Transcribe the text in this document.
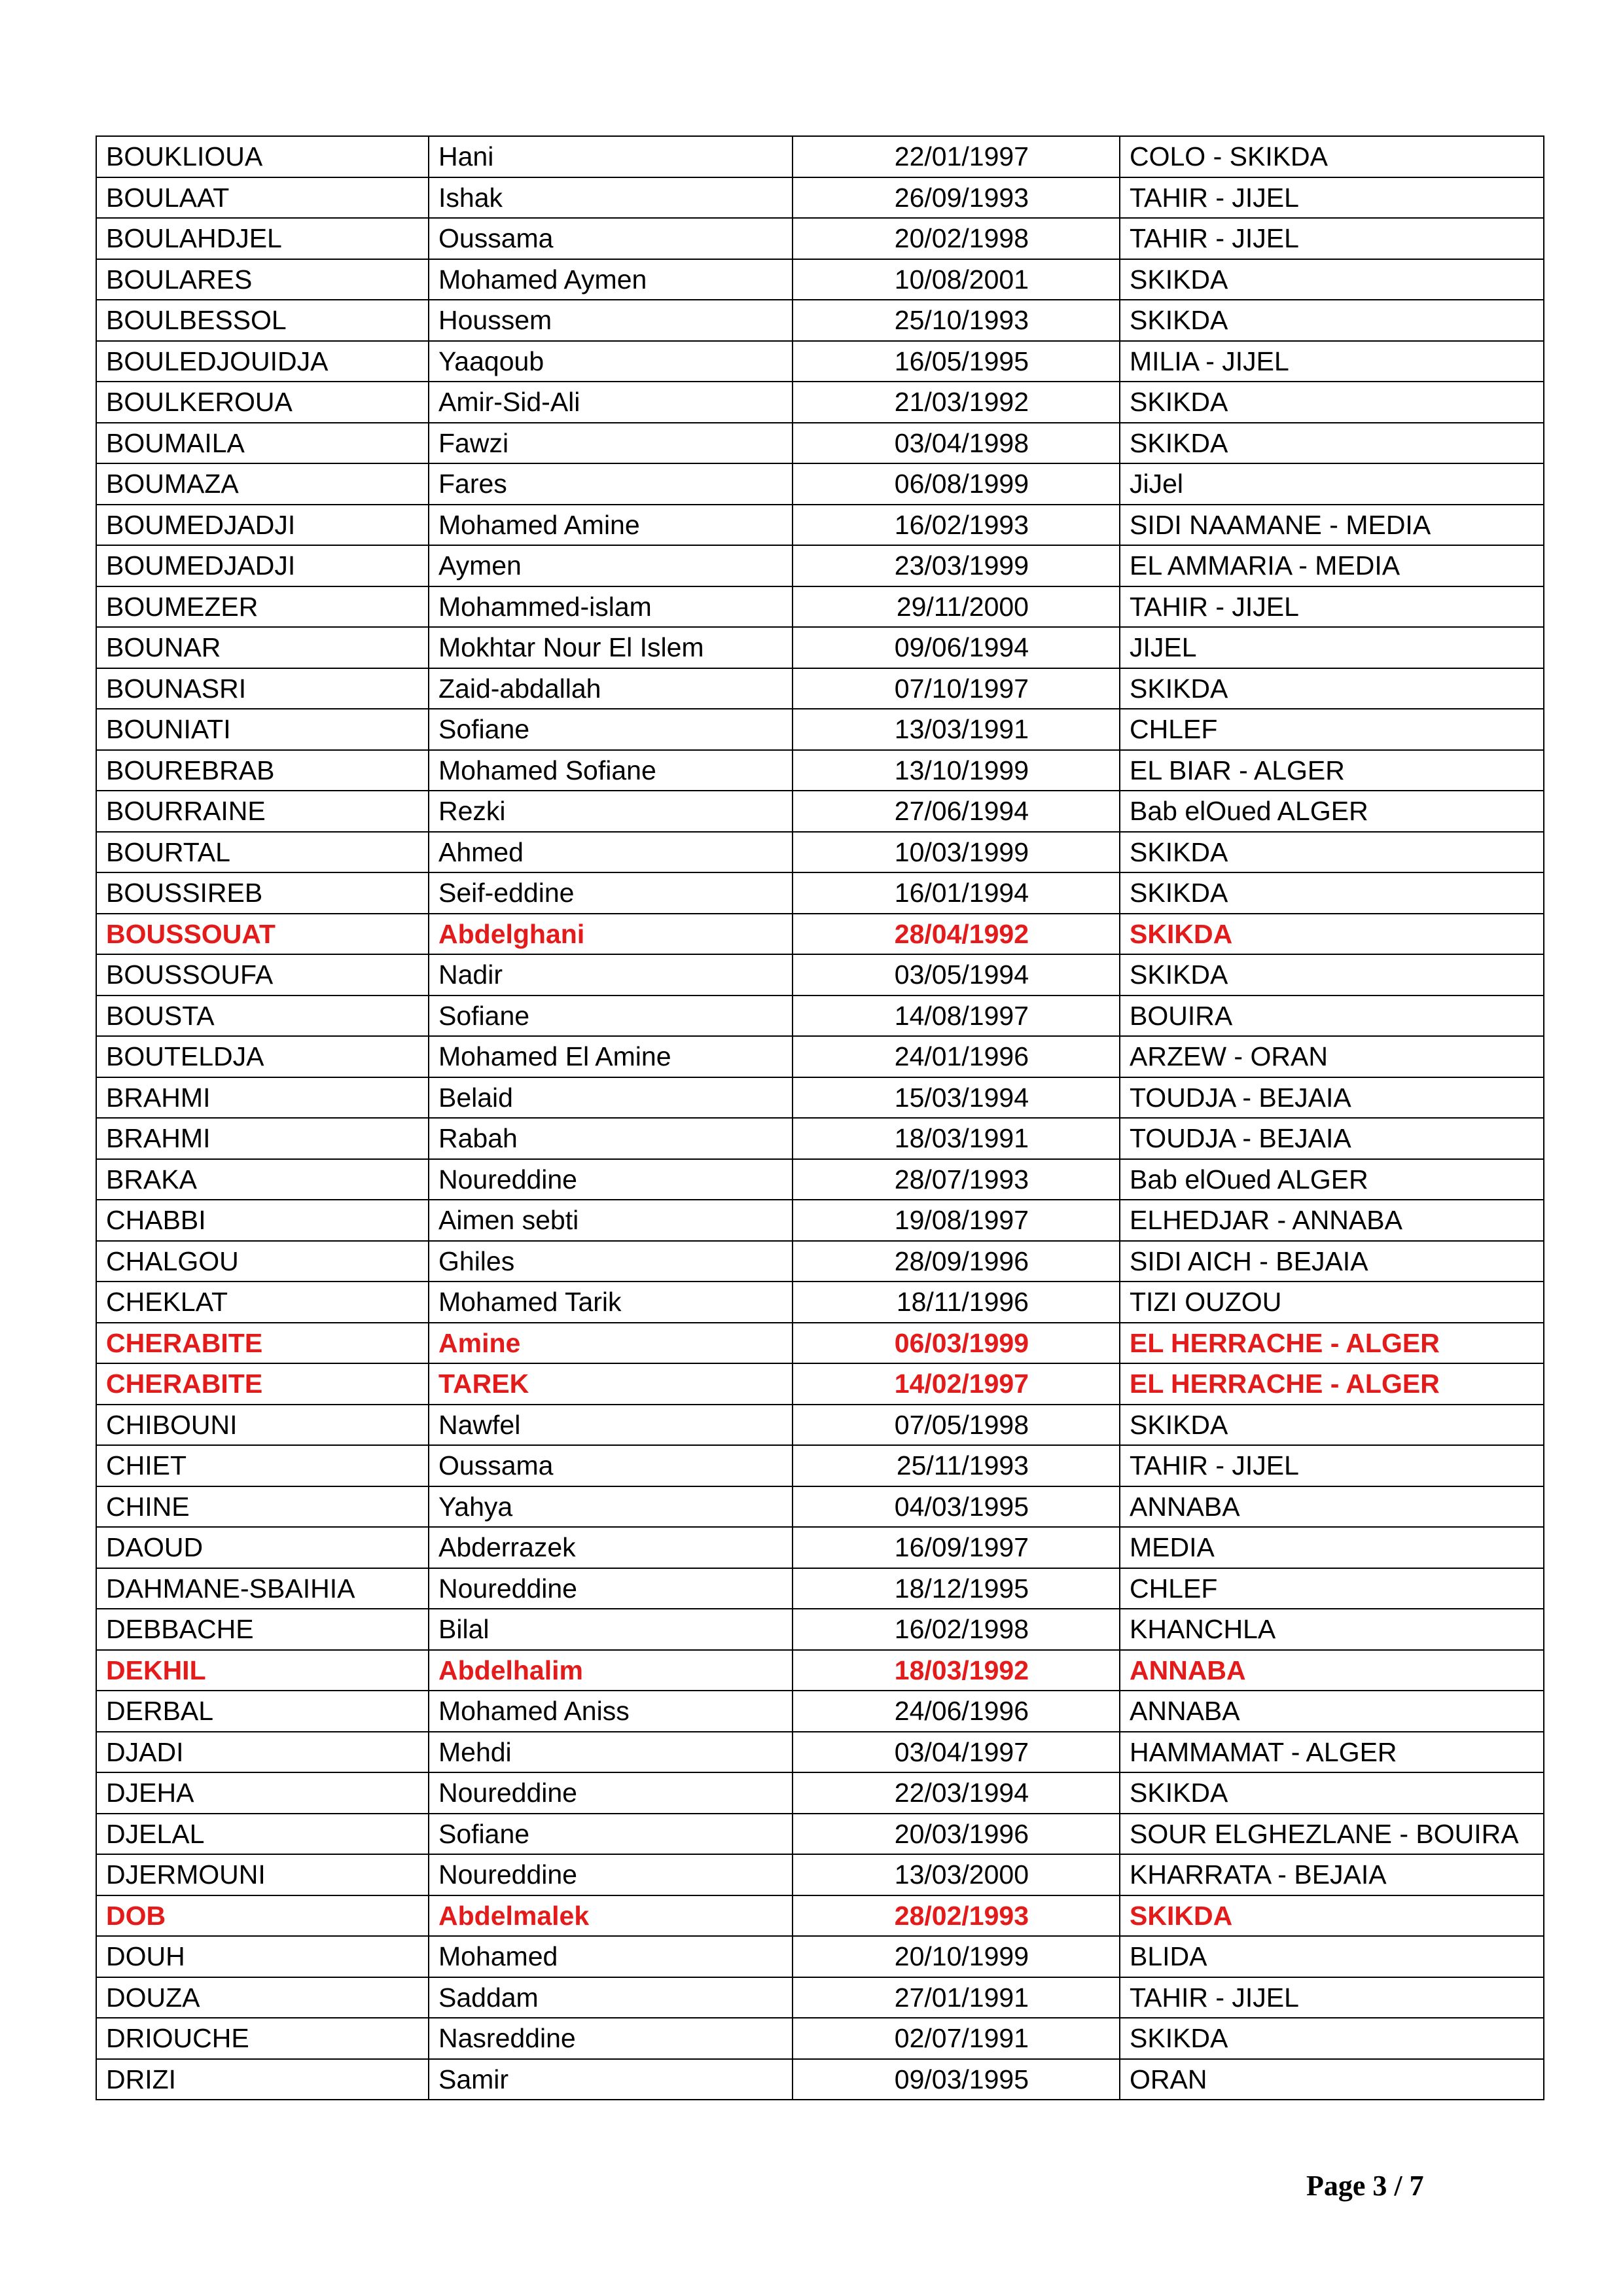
BOUKLIOUA	Hani	22/01/1997	COLO - SKIKDA
BOULAAT	Ishak	26/09/1993	TAHIR - JIJEL
BOULAHDJEL	Oussama	20/02/1998	TAHIR - JIJEL
BOULARES	Mohamed Aymen	10/08/2001	SKIKDA
BOULBESSOL	Houssem	25/10/1993	SKIKDA
BOULEDJOUIDJA	Yaaqoub	16/05/1995	MILIA - JIJEL
BOULKEROUA	Amir-Sid-Ali	21/03/1992	SKIKDA
BOUMAILA	Fawzi	03/04/1998	SKIKDA
BOUMAZA	Fares	06/08/1999	JiJel
BOUMEDJADJI	Mohamed Amine	16/02/1993	SIDI NAAMANE - MEDIA
BOUMEDJADJI	Aymen	23/03/1999	EL AMMARIA - MEDIA
BOUMEZER	Mohammed-islam	29/11/2000	TAHIR - JIJEL
BOUNAR	Mokhtar Nour El Islem	09/06/1994	JIJEL
BOUNASRI	Zaid-abdallah	07/10/1997	SKIKDA
BOUNIATI	Sofiane	13/03/1991	CHLEF
BOUREBRAB	Mohamed Sofiane	13/10/1999	EL BIAR - ALGER
BOURRAINE	Rezki	27/06/1994	Bab elOued ALGER
BOURTAL	Ahmed	10/03/1999	SKIKDA
BOUSSIREB	Seif-eddine	16/01/1994	SKIKDA
BOUSSOUAT	Abdelghani	28/04/1992	SKIKDA
BOUSSOUFA	Nadir	03/05/1994	SKIKDA
BOUSTA	Sofiane	14/08/1997	BOUIRA
BOUTELDJA	Mohamed El Amine	24/01/1996	ARZEW - ORAN
BRAHMI	Belaid	15/03/1994	TOUDJA - BEJAIA
BRAHMI	Rabah	18/03/1991	TOUDJA - BEJAIA
BRAKA	Noureddine	28/07/1993	Bab elOued ALGER
CHABBI	Aimen sebti	19/08/1997	ELHEDJAR - ANNABA
CHALGOU	Ghiles	28/09/1996	SIDI AICH - BEJAIA
CHEKLAT	Mohamed Tarik	18/11/1996	TIZI OUZOU
CHERABITE	Amine	06/03/1999	EL HERRACHE - ALGER
CHERABITE	TAREK	14/02/1997	EL HERRACHE - ALGER
CHIBOUNI	Nawfel	07/05/1998	SKIKDA
CHIET	Oussama	25/11/1993	TAHIR - JIJEL
CHINE	Yahya	04/03/1995	ANNABA
DAOUD	Abderrazek	16/09/1997	MEDIA
DAHMANE-SBAIHIA	Noureddine	18/12/1995	CHLEF
DEBBACHE	Bilal	16/02/1998	KHANCHLA
DEKHIL	Abdelhalim	18/03/1992	ANNABA
DERBAL	Mohamed Aniss	24/06/1996	ANNABA
DJADI	Mehdi	03/04/1997	HAMMAMAT - ALGER
DJEHA	Noureddine	22/03/1994	SKIKDA
DJELAL	Sofiane	20/03/1996	SOUR ELGHEZLANE - BOUIRA
DJERMOUNI	Noureddine	13/03/2000	KHARRATA - BEJAIA
DOB	Abdelmalek	28/02/1993	SKIKDA
DOUH	Mohamed	20/10/1999	BLIDA
DOUZA	Saddam	27/01/1991	TAHIR - JIJEL
DRIOUCHE	Nasreddine	02/07/1991	SKIKDA
DRIZI	Samir	09/03/1995	ORAN
Page 3 / 7
